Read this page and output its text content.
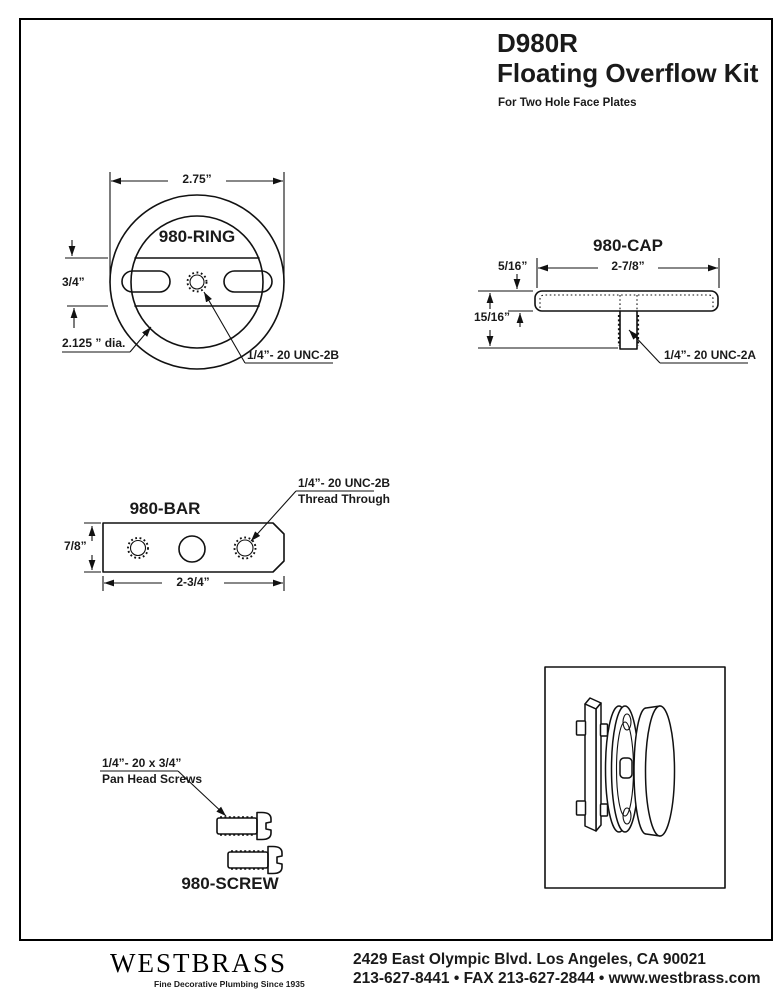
D980R
Floating Overflow Kit
For Two Hole Face Plates
980-RING
2.75”
3/4”
2.125 ” dia.
1/4”- 20 UNC-2B
980-CAP
2-7/8”
5/16”
15/16”
1/4”- 20 UNC-2A
980-BAR
7/8”
2-3/4”
1/4”- 20 UNC-2B
Thread Through
1/4”- 20 x 3/4”
Pan Head Screws
980-SCREW
WESTBRASS
Fine Decorative Plumbing Since 1935
2429 East Olympic Blvd. Los Angeles, CA 90021
213-627-8441 • FAX 213-627-2844 • www.westbrass.com
